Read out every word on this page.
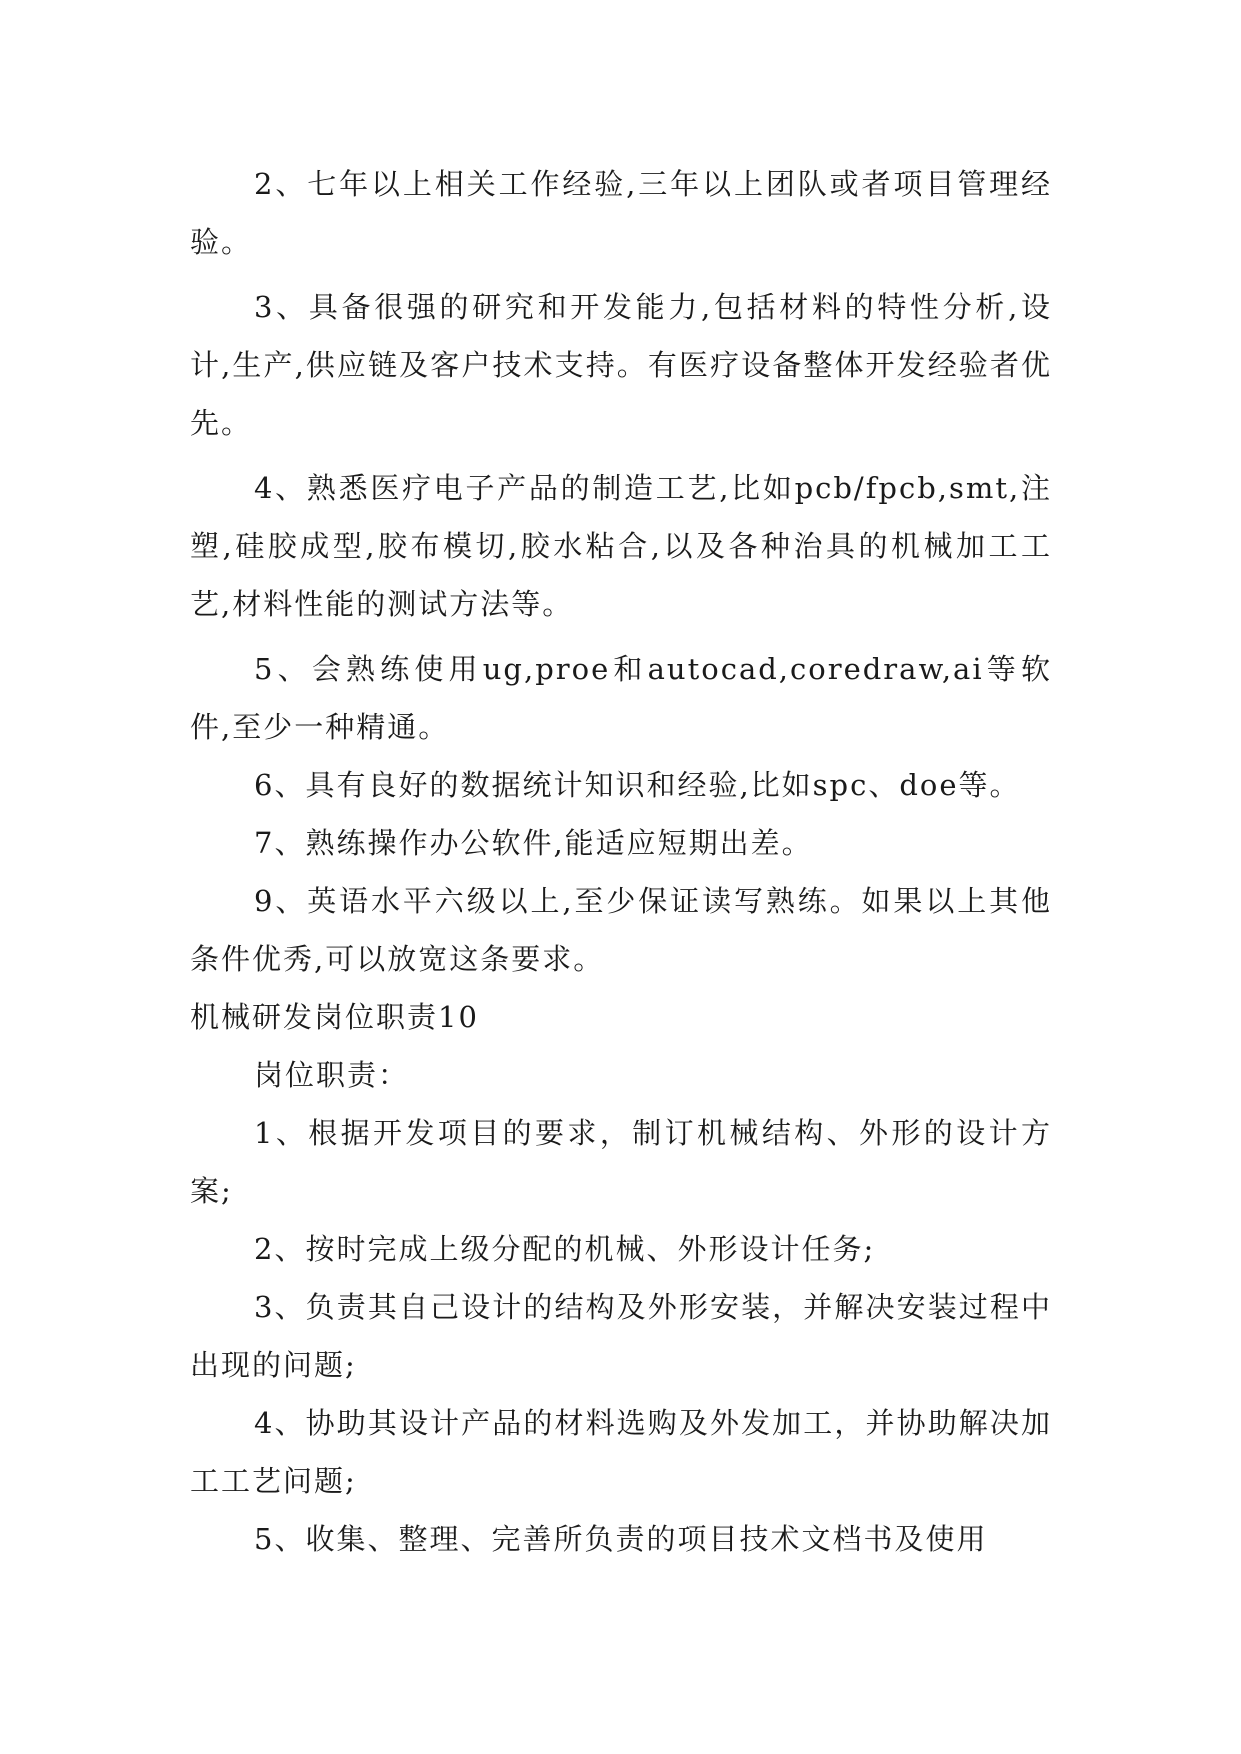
2、七年以上相关工作经验,三年以上团队或者项目管理经验。

3、具备很强的研究和开发能力,包括材料的特性分析,设计,生产,供应链及客户技术支持。有医疗设备整体开发经验者优先。

4、熟悉医疗电子产品的制造工艺,比如pcb/fpcb,smt,注塑,硅胶成型,胶布模切,胶水粘合,以及各种治具的机械加工工艺,材料性能的测试方法等。

5、会熟练使用ug,proe和autocad,coredraw,ai等软件,至少一种精通。

6、具有良好的数据统计知识和经验,比如spc、doe等。

7、熟练操作办公软件,能适应短期出差。

9、英语水平六级以上,至少保证读写熟练。如果以上其他条件优秀,可以放宽这条要求。

机械研发岗位职责10

岗位职责：

1、根据开发项目的要求，制订机械结构、外形的设计方案;

2、按时完成上级分配的机械、外形设计任务;

3、负责其自己设计的结构及外形安装，并解决安装过程中出现的问题;

4、协助其设计产品的材料选购及外发加工，并协助解决加工工艺问题;

5、收集、整理、完善所负责的项目技术文档书及使用
